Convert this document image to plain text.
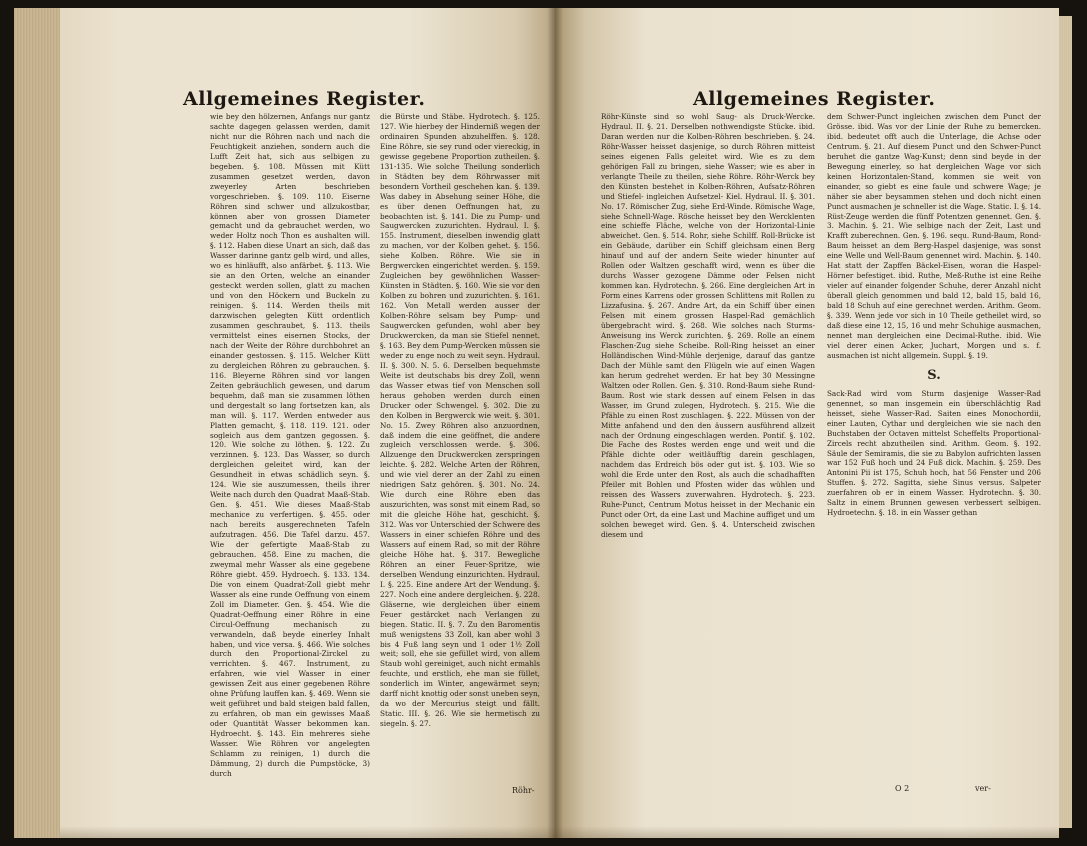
Allgemeines Register.

wie bey den hölzernen, Anfangs nur gantz sachte dagegen gelassen werden, damit nicht nur die Röhren nach und nach die Feuchtigkeit anziehen, sondern auch die Lufft Zeit hat, sich aus selbigen zu begeben. §. 108. Müssen mit Kütt zusammen gesetzet werden, davon zweyerley Arten beschrieben vorgeschrieben. §. 109. 110. Eiserne Röhren sind schwer und allzukostbar, können aber von grossen Diameter gemacht und da gebrauchet werden, wo weder Holtz noch Thon es aushalten will. §. 112. Haben diese Unart an sich, daß das Wasser darinne gantz gelb wird, und alles, wo es hinläufft, also anfärbet. §. 113. Wie sie an den Orten, welche an einander gesteckt werden sollen, glatt zu machen und von den Höckern und Buckeln zu reinigen. §. 114. Werden theils mit darzwischen gelegten Kütt ordentlich zusammen geschraubet, §. 113. theils vermittelst eines eisernen Stocks, der nach der Weite der Röhre durchbohret an einander gestossen. §. 115. Welcher Kütt zu dergleichen Röhren zu gebrauchen. §. 116. Bleyerne Röhren sind vor langen Zeiten gebräuchlich gewesen, und darum bequehm, daß man sie zusammen löthen und dergestalt so lang fortsetzen kan, als man will. §. 117. Werden entweder aus Platten gemacht, §. 118. 119. 121. oder sogleich aus dem gantzen gegossen. §. 120. Wie solche zu löthen. §. 122. Zu verzinnen. §. 123. Das Wasser, so durch dergleichen geleitet wird, kan der Gesundheit in etwas schädlich seyn. §. 124. Wie sie auszumessen, theils ihrer Weite nach durch den Quadrat Maaß-Stab. Gen. §. 451. Wie dieses Maaß-Stab mechanice zu verfertigen. §. 455. oder nach bereits ausgerechneten Tafeln aufzutragen. 456. Die Tafel darzu. 457. Wie der gefertigte Maaß-Stab zu gebrauchen. 458. Eine zu machen, die zweymal mehr Wasser als eine gegebene Röhre giebt. 459. Hydroech. §. 133. 134. Die von einem Quadrat-Zoll giebt mehr Wasser als eine runde Oeffnung von einem Zoll im Diameter. Gen. §. 454. Wie die Quadrat-Oeffnung einer Röhre in eine Circul-Oeffnung mechanisch zu verwandeln, daß beyde einerley Inhalt haben, und vice versa. §. 466. Wie solches durch den Proportional-Zirckel zu verrichten. §. 467. Instrument, zu erfahren, wie viel Wasser in einer gewissen Zeit aus einer gegebenen Röhre ohne Prüfung lauffen kan. §. 469. Wenn sie weit geführet und bald steigen bald fallen, zu erfahren, ob man ein gewisses Maaß oder Quantität Wasser bekommen kan. Hydroecht. §. 143. Ein mehreres siehe Wasser. Wie Röhren vor angelegten Schlamm zu reinigen, 1) durch die Dämmung, 2) durch die Pumpstöcke, 3) durch

die Bürste und Stäbe. Hydrotech. §. 125. 127. Wie hierbey der Hinderniß wegen der ordinairen Spunden abzuhelffen. §. 128. Eine Röhre, sie sey rund oder viereckig, in gewisse gegebene Proportion zutheilen. §. 131-135. Wie solche Theilung sonderlich in Städten bey dem Röhrwasser mit besondern Vortheil geschehen kan. §. 139. Was dabey in Absehung seiner Höhe, die es über denen Oeffnungen hat, zu beobachten ist. §. 141. Die zu Pump- und Saugwercken zuzurichten. Hydraul. I. §. 155. Instrument, dieselben inwendig glatt zu machen, vor der Kolben gehet. §. 156. siehe Kolben. Röhre. Wie sie in Bergwercken eingerichtet werden. §. 159. Zugleichen bey gewöhnlichen Wasser-Künsten in Städten. §. 160. Wie sie vor den Kolben zu bohren und zuzurichten. §. 161. 162. Von Metall werden ausser der Kolben-Röhre selsam bey Pump- und Saugwercken gefunden, wohl aber bey Druckwercken, da man sie Stiefel nennet. §. 163. Bey dem Pump-Wercken müssen sie weder zu enge noch zu weit seyn. Hydraul. II. §. 300. N. 5. 6. Derselben bequehmste Weite ist deutschabs bis drey Zoll, wenn das Wasser etwas tief von Menschen soll heraus gehoben werden durch einen Drucker oder Schwengel. §. 302. Die zu den Kolben in Bergwerck wie weit. §. 301. No. 15. Zwey Röhren also anzuordnen, daß indem die eine geöffnet, die andere zugleich verschlossen werde. §. 306. Allzuenge den Druckwercken zerspringen leichte. §. 282. Welche Arten der Röhren, und wie viel derer an der Zahl zu einen niedrigen Satz gehören. §. 301. No. 24. Wie durch eine Röhre eben das auszurichten, was sonst mit einem Rad, so mit die gleiche Höhe hat, geschicht. §. 312. Was vor Unterschied der Schwere des Wassers in einer schiefen Röhre und des Wassers auf einem Rad, so mit der Röhre gleiche Höhe hat. §. 317. Bewegliche Röhren an einer Feuer-Spritze, wie derselben Wendung einzurichten. Hydraul. I. §. 225. Eine andere Art der Wendung. §. 227. Noch eine andere dergleichen. §. 228. Gläserne, wie dergleichen über einem Feuer gestärcket nach Verlangen zu biegen. Static. II. §. 7. Zu den Baromentis muß wenigstens 33 Zoll, kan aber wohl 3 bis 4 Fuß lang seyn und 1 oder 1½ Zoll weit; soll, ehe sie gefüllet wird, von allem Staub wohl gereiniget, auch nicht ermahls feuchte, und erstlich, ehe man sie füllet, sonderlich im Winter, angewärmet seyn; darff nicht knottig oder sonst uneben seyn, da wo der Mercurius steigt und fällt. Static. III. §. 26. Wie sie hermetisch zu siegeln. §. 27.

Röhr-
Allgemeines Register.

Röhr-Künste sind so wohl Saug- als Druck-Wercke. Hydraul. II. §. 21. Derselben nothwendigste Stücke. ibid. Daran werden nur die Kolben-Röhren beschrieben. §. 24. Röhr-Wasser heisset dasjenige, so durch Röhren mitteist seines eigenen Falls geleitet wird. Wie es zu dem gehörigen Fall zu bringen, siehe Wasser; wie es aber in verlangte Theile zu theilen, siehe Röhre. Röhr-Werck bey den Künsten bestehet in Kolben-Röhren, Aufsatz-Röhren und Stiefel- ingleichen Aufsetzel- Kiel. Hydraul. II. §. 301. No. 17. Römischer Zug, siehe Erd-Winde. Römische Wage, siehe Schnell-Wage. Rösche heisset bey den Wercklenten eine schieffe Fläche, welche von der Horizontal-Linie abweichet. Gen. §. 514. Rohr, siehe Schilff. Roll-Brücke ist ein Gebäude, darüber ein Schiff gleichsam einen Berg hinauf und auf der andern Seite wieder hinunter auf Rollen oder Waltzen geschafft wird, wenn es über die durchs Wasser gezogene Dämme oder Felsen nicht kommen kan. Hydrotechn. §. 266. Eine dergleichen Art in Form eines Karrens oder grossen Schlittens mit Rollen zu Lizzafusina. §. 267. Andre Art, da ein Schiff über einen Felsen mit einem grossen Haspel-Rad gemächlich übergebracht wird. §. 268. Wie solches nach Sturms-Anweisung ins Werck zurichten. §. 269. Rolle an einem Flaschen-Zug siehe Scheibe. Roll-Ring heisset an einer Holländischen Wind-Mühle derjenige, darauf das gantze Dach der Mühle samt den Flügeln wie auf einen Wagen kan herum gedrehet werden. Er hat bey 30 Messingne Waltzen oder Rollen. Gen. §. 310. Rond-Baum siehe Rund-Baum. Rost wie stark dessen auf einem Felsen in das Wasser, im Grund zulegen, Hydrotech. §. 215. Wie die Pfähle zu einen Rost zuschlagen. §. 222. Müssen von der Mitte anfahend und den den äussern ausführend allzeit nach der Ordnung eingeschlagen werden. Pontif. §. 102. Die Fache des Rostes werden enge und weit und die Pfähle dichte oder weitläufftig darein geschlagen, nachdem das Erdreich bös oder gut ist. §. 103. Wie so wohl die Erde unter den Rost, als auch die schadhafften Pfeiler mit Bohlen und Pfosten wider das wühlen und reissen des Wassers zuverwahren. Hydrotech. §. 223. Ruhe-Punct, Centrum Motus heisset in der Mechanic ein Punct oder Ort, da eine Last und Machine auffiget und um solchen beweget wird. Gen. §. 4. Unterscheid zwischen diesem und

dem Schwer-Punct ingleichen zwischen dem Punct der Grösse. ibid. Was vor der Linie der Ruhe zu bemercken. ibid. bedeutet offt auch die Unterlage, die Achse oder Centrum. §. 21. Auf diesem Punct und den Schwer-Punct beruhet die gantze Wag-Kunst; denn sind beyde in der Bewegung einerley, so hat dergleichen Wage vor sich keinen Horizontalen-Stand, kommen sie weit von einander, so giebt es eine faule und schwere Wage; je näher sie aber beysammen stehen und doch nicht einen Punct ausmachen je schneller ist die Wage. Static. I. §. 14. Rüst-Zeuge werden die fünff Potentzen genennet. Gen. §. 3. Machin. §. 21. Wie selbige nach der Zeit, Last und Krafft zuberechnen. Gen. §. 196. sequ. Rund-Baum, Rond-Baum heisset an dem Berg-Haspel dasjenige, was sonst eine Welle und Well-Baum genennet wird. Machin. §. 140. Hat statt der Zapffen Bäckel-Eisen, woran die Haspel-Hörner befestiget. ibid. Ruthe, Meß-Ruthe ist eine Reihe vieler auf einander folgender Schuhe, derer Anzahl nicht überall gleich genommen und bald 12, bald 15, bald 16, bald 18 Schuh auf eine gerechnet werden. Arithm. Geom. §. 339. Wenn jede vor sich in 10 Theile getheilet wird, so daß diese eine 12, 15, 16 und mehr Schuhige ausmachen, nennet man dergleichen eine Decimal-Ruthe. ibid. Wie viel derer einen Acker, Juchart, Morgen und s. f. ausmachen ist nicht allgemein. Suppl. §. 19.

S.

Sack-Rad wird vom Sturm dasjenige Wasser-Rad genennet, so man insgemein ein überschlächtig Rad heisset, siehe Wasser-Rad. Saiten eines Monochordii, einer Lauten, Cythar und dergleichen wie sie nach den Buchstaben der Octaven mittelst Scheffelts Proportional-Zircels recht abzutheilen sind. Arithm. Geom. §. 192. Säule der Semiramis, die sie zu Babylon aufrichten lassen war 152 Fuß hoch und 24 Fuß dick. Machin. §. 259. Des Antonini Pii ist 175, Schuh hoch, hat 56 Fenster und 206 Stuffen. §. 272. Sagitta, siehe Sinus versus. Salpeter zuerfahren ob er in einem Wasser. Hydrotechn. §. 30. Saltz in einem Brunnen gewesen verbessert selbigen. Hydroetechn. §. 18. in ein Wasser gethan

O 2	ver-
